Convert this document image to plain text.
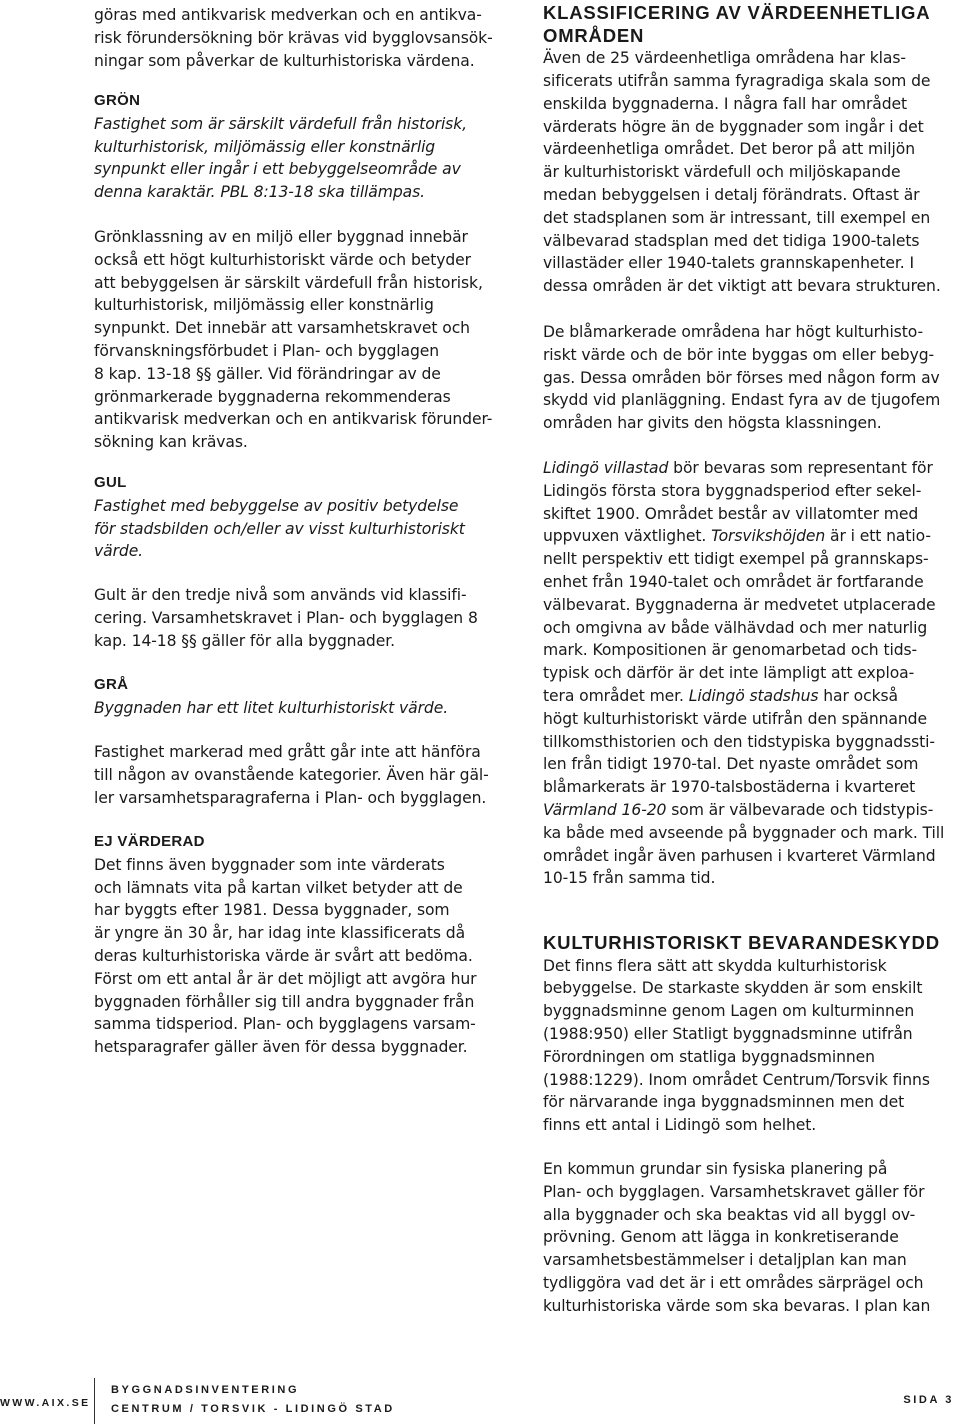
göras med antikvarisk medverkan och en antikva-

risk förundersökning bör krävas vid bygglovsansök-

ningar som påverkar de kulturhistoriska värdena.

GRÖN

Fastighet som är särskilt värdefull från historisk,

kulturhistorisk, miljömässig eller konstnärlig

synpunkt eller ingår i ett bebyggelseområde av

denna karaktär. PBL 8:13-18 ska tillämpas.

Grönklassning av en miljö eller byggnad innebär

också ett högt kulturhistoriskt värde och betyder

att bebyggelsen är särskilt värdefull från historisk,

kulturhistorisk, miljömässig eller konstnärlig

synpunkt. Det innebär att varsamhetskravet och

förvanskningsförbudet i Plan- och bygglagen

8 kap. 13-18 §§ gäller. Vid förändringar av de

grönmarkerade byggnaderna rekommenderas

antikvarisk medverkan och en antikvarisk förunder-

sökning kan krävas.

GUL

Fastighet med bebyggelse av positiv betydelse

för stadsbilden och/eller av visst kulturhistoriskt

värde.

Gult är den tredje nivå som används vid klassifi-

cering. Varsamhetskravet i Plan- och bygglagen 8

kap. 14-18 §§ gäller för alla byggnader.

GRÅ

Byggnaden har ett litet kulturhistoriskt värde.

Fastighet markerad med grått går inte att hänföra

till någon av ovanstående kategorier. Även här gäl-

ler varsamhetsparagraferna i Plan- och bygglagen.

EJ VÄRDERAD

Det finns även byggnader som inte värderats

och lämnats vita på kartan vilket betyder att de

har byggts efter 1981. Dessa byggnader, som

är yngre än 30 år, har idag inte klassificerats då

deras kulturhistoriska värde är svårt att bedöma.

Först om ett antal år är det möjligt att avgöra hur

byggnaden förhåller sig till andra byggnader från

samma tidsperiod. Plan- och bygglagens varsam-

hetsparagrafer gäller även för dessa byggnader.

KLASSIFICERING AV VÄRDEENHETLIGA
OMRÅDEN

Även de 25 värdeenhetliga områdena har klas-

sificerats utifrån samma fyragradiga skala som de

enskilda byggnaderna. I några fall har området

värderats högre än de byggnader som ingår i det

värdeenhetliga området. Det beror på att miljön

är kulturhistoriskt värdefull och miljöskapande

medan bebyggelsen i detalj förändrats. Oftast är

det stadsplanen som är intressant, till exempel en

välbevarad stadsplan med det tidiga 1900-talets

villastäder eller 1940-talets grannskapenheter. I

dessa områden är det viktigt att bevara strukturen.

De blåmarkerade områdena har högt kulturhisto-

riskt värde och de bör inte byggas om eller bebyg-

gas. Dessa områden bör förses med någon form av

skydd vid planläggning. Endast fyra av de tjugofem

områden har givits den högsta klassningen.

Lidingö villastad bör bevaras som representant för

Lidingös första stora byggnadsperiod efter sekel-

skiftet 1900. Området består av villatomter med

uppvuxen växtlighet. Torsvikshöjden är i ett natio-

nellt perspektiv ett tidigt exempel på grannskaps-

enhet från 1940-talet och området är fortfarande

välbevarat. Byggnaderna är medvetet utplacerade

och omgivna av både välhävdad och mer naturlig

mark. Kompositionen är genomarbetad och tids-

typisk och därför är det inte lämpligt att exploa-

tera området mer. Lidingö stadshus har också

högt kulturhistoriskt värde utifrån den spännande

tillkomsthistorien och den tidstypiska byggnadssti-

len från tidigt 1970-tal. Det nyaste området som

blåmarkerats är 1970-talsbostäderna i kvarteret

Värmland 16-20 som är välbevarade och tidstypis-

ka både med avseende på byggnader och mark. Till

området ingår även parhusen i kvarteret Värmland

10-15 från samma tid.

KULTURHISTORISKT BEVARANDESKYDD

Det finns flera sätt att skydda kulturhistorisk

bebyggelse. De starkaste skydden är som enskilt

byggnadsminne genom Lagen om kulturminnen

(1988:950) eller Statligt byggnadsminne utifrån

Förordningen om statliga byggnadsminnen

(1988:1229). Inom området Centrum/Torsvik finns

för närvarande inga byggnadsminnen men det

finns ett antal i Lidingö som helhet.

En kommun grundar sin fysiska planering på

Plan- och bygglagen. Varsamhetskravet gäller för

alla byggnader och ska beaktas vid all byggl ov-

prövning. Genom att lägga in konkretiserande

varsamhetsbestämmelser i detaljplan kan man

tydliggöra vad det är i ett områdes särprägel och

kulturhistoriska värde som ska bevaras. I plan kan

WWW.AIX.SE
BYGGNADSINVENTERING
CENTRUM / TORSVIK - LIDINGÖ STAD
SIDA 3
